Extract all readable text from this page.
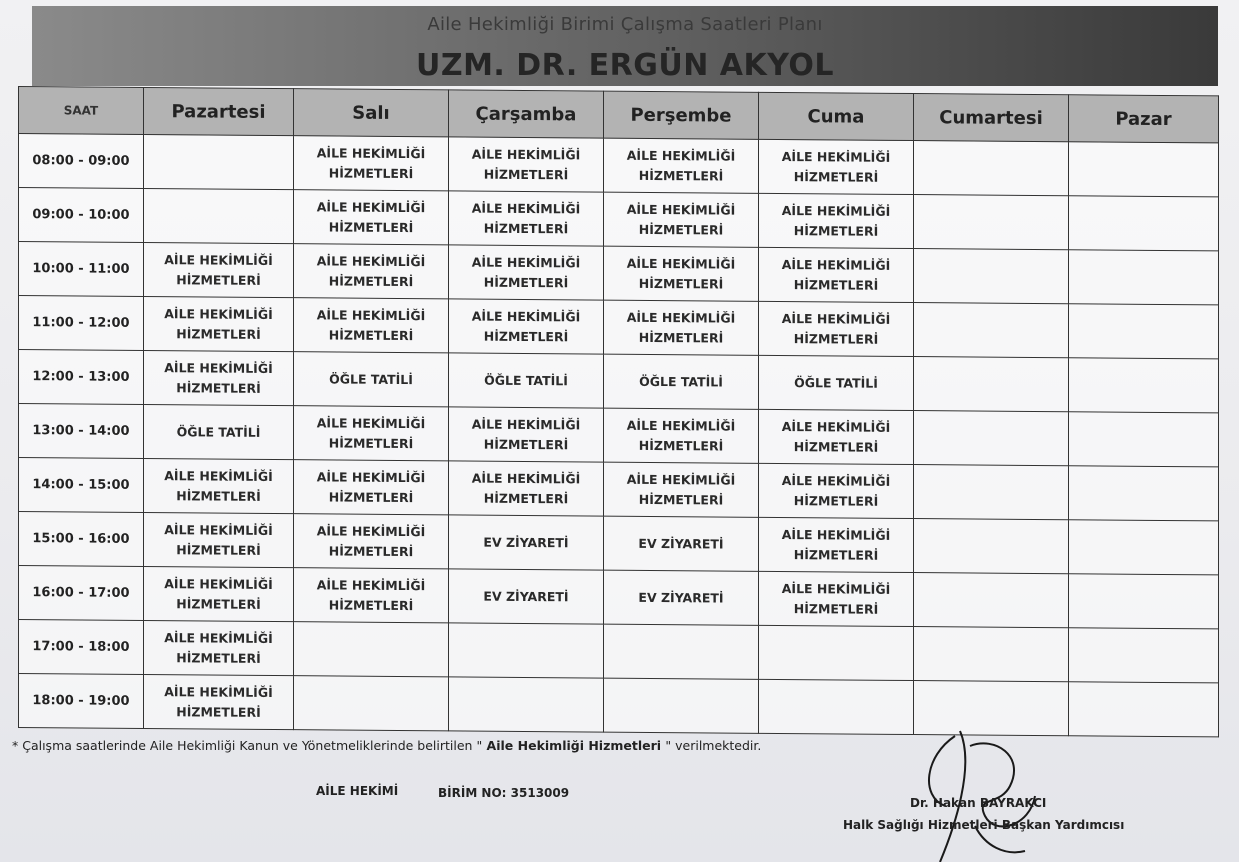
Aile Hekimliği Birimi Çalışma Saatleri Planı
UZM. DR. ERGÜN AKYOL
SAAT	Pazartesi	Salı	Çarşamba	Perşembe	Cuma	Cumartesi	Pazar
08:00 - 09:00		AİLE HEKİMLİĞİ HİZMETLERİ	AİLE HEKİMLİĞİ HİZMETLERİ	AİLE HEKİMLİĞİ HİZMETLERİ	AİLE HEKİMLİĞİ HİZMETLERİ		
09:00 - 10:00		AİLE HEKİMLİĞİ HİZMETLERİ	AİLE HEKİMLİĞİ HİZMETLERİ	AİLE HEKİMLİĞİ HİZMETLERİ	AİLE HEKİMLİĞİ HİZMETLERİ		
10:00 - 11:00	AİLE HEKİMLİĞİ HİZMETLERİ	AİLE HEKİMLİĞİ HİZMETLERİ	AİLE HEKİMLİĞİ HİZMETLERİ	AİLE HEKİMLİĞİ HİZMETLERİ	AİLE HEKİMLİĞİ HİZMETLERİ		
11:00 - 12:00	AİLE HEKİMLİĞİ HİZMETLERİ	AİLE HEKİMLİĞİ HİZMETLERİ	AİLE HEKİMLİĞİ HİZMETLERİ	AİLE HEKİMLİĞİ HİZMETLERİ	AİLE HEKİMLİĞİ HİZMETLERİ		
12:00 - 13:00	AİLE HEKİMLİĞİ HİZMETLERİ	ÖĞLE TATİLİ	ÖĞLE TATİLİ	ÖĞLE TATİLİ	ÖĞLE TATİLİ		
13:00 - 14:00	ÖĞLE TATİLİ	AİLE HEKİMLİĞİ HİZMETLERİ	AİLE HEKİMLİĞİ HİZMETLERİ	AİLE HEKİMLİĞİ HİZMETLERİ	AİLE HEKİMLİĞİ HİZMETLERİ		
14:00 - 15:00	AİLE HEKİMLİĞİ HİZMETLERİ	AİLE HEKİMLİĞİ HİZMETLERİ	AİLE HEKİMLİĞİ HİZMETLERİ	AİLE HEKİMLİĞİ HİZMETLERİ	AİLE HEKİMLİĞİ HİZMETLERİ		
15:00 - 16:00	AİLE HEKİMLİĞİ HİZMETLERİ	AİLE HEKİMLİĞİ HİZMETLERİ	EV ZİYARETİ	EV ZİYARETİ	AİLE HEKİMLİĞİ HİZMETLERİ		
16:00 - 17:00	AİLE HEKİMLİĞİ HİZMETLERİ	AİLE HEKİMLİĞİ HİZMETLERİ	EV ZİYARETİ	EV ZİYARETİ	AİLE HEKİMLİĞİ HİZMETLERİ		
17:00 - 18:00	AİLE HEKİMLİĞİ HİZMETLERİ						
18:00 - 19:00	AİLE HEKİMLİĞİ HİZMETLERİ						
* Çalışma saatlerinde Aile Hekimliği Kanun ve Yönetmeliklerinde belirtilen " Aile Hekimliği Hizmetleri " verilmektedir.
AİLE HEKİMİ	BİRİM NO: 3513009
Dr. Hakan BAYRAKCI
Halk Sağlığı Hizmetleri Başkan Yardımcısı
